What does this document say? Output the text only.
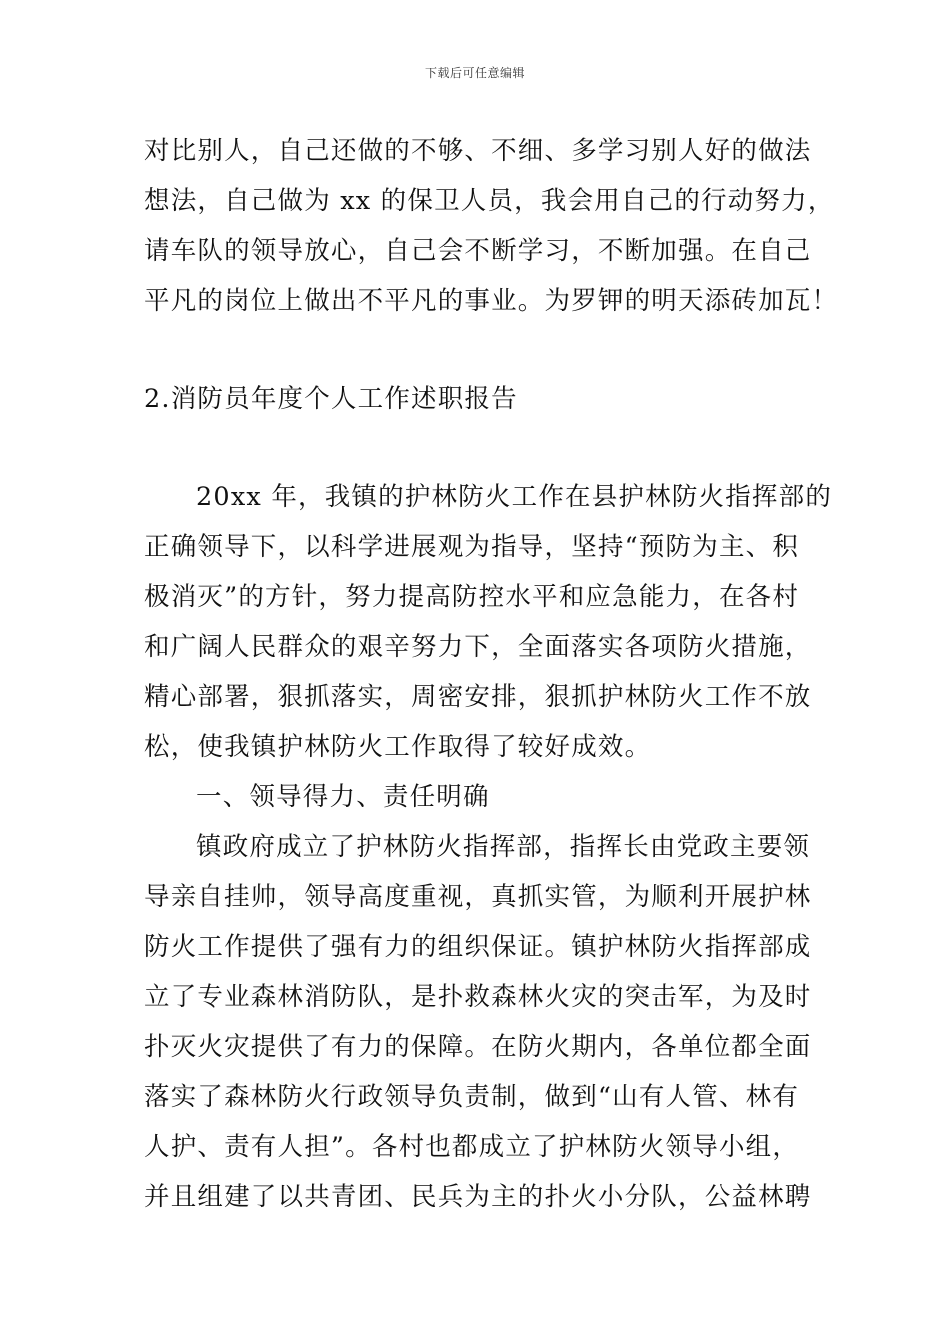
下载后可任意编辑
对比别人，自己还做的不够、不细、多学习别人好的做法
想法，自己做为 xx 的保卫人员，我会用自己的行动努力，
请车队的领导放心，自己会不断学习，不断加强。在自己
平凡的岗位上做出不平凡的事业。为罗钾的明天添砖加瓦！
2.消防员年度个人工作述职报告
20xx 年，我镇的护林防火工作在县护林防火指挥部的
正确领导下，以科学进展观为指导，坚持“预防为主、积
极消灭”的方针，努力提高防控水平和应急能力，在各村
和广阔人民群众的艰辛努力下，全面落实各项防火措施，
精心部署，狠抓落实，周密安排，狠抓护林防火工作不放
松，使我镇护林防火工作取得了较好成效。
一、领导得力、责任明确
镇政府成立了护林防火指挥部，指挥长由党政主要领
导亲自挂帅，领导高度重视，真抓实管，为顺利开展护林
防火工作提供了强有力的组织保证。镇护林防火指挥部成
立了专业森林消防队，是扑救森林火灾的突击军，为及时
扑灭火灾提供了有力的保障。在防火期内，各单位都全面
落实了森林防火行政领导负责制，做到“山有人管、林有
人护、责有人担”。各村也都成立了护林防火领导小组，
并且组建了以共青团、民兵为主的扑火小分队，公益林聘
